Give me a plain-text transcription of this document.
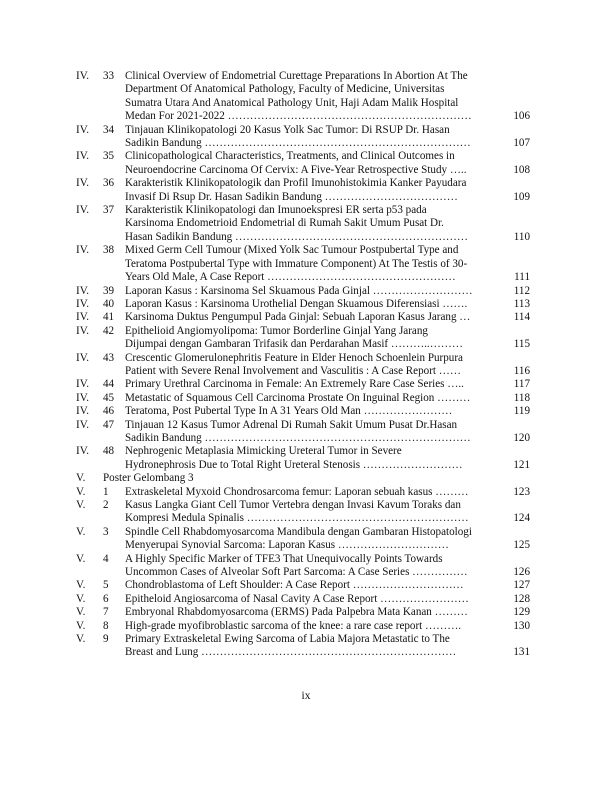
IV.	33 Clinical Overview of Endometrial Curettage Preparations In Abortion At The
Department Of Anatomical Pathology, Faculty of Medicine, Universitas
Sumatra Utara And Anatomical Pathology Unit, Haji Adam Malik Hospital
Medan For 2021-2022 …………………………………………………………	106
IV.	34 Tinjauan Klinikopatologi 20 Kasus Yolk Sac Tumor: Di RSUP Dr. Hasan
Sadikin Bandung ………………………………………………………………	107
IV.	35 Clinicopathological Characteristics, Treatments, and Clinical Outcomes in
Neuroendocrine Carcinoma Of Cervix: A Five-Year Retrospective Study …..	108
IV.	36 Karakteristik Klinikopatologik dan Profil Imunohistokimia Kanker Payudara
Invasif Di Rsup Dr. Hasan Sadikin Bandung ………………………………	109
IV.	37 Karakteristik Klinikopatologi dan Imunoekspresi ER serta p53 pada
Karsinoma Endometrioid Endometrial di Rumah Sakit Umum Pusat Dr.
Hasan Sadikin Bandung ………………………………………………………	110
IV.	38 Mixed Germ Cell Tumour (Mixed Yolk Sac Tumour Postpubertal Type and
Teratoma Postpubertal Type with Immature Component) At The Testis of 30-
Years Old Male, A Case Report ……………………………………………	111
IV.	39 Laporan Kasus : Karsinoma Sel Skuamous Pada Ginjal ………………………	112
IV.	40 Laporan Kasus : Karsinoma Urothelial Dengan Skuamous Diferensiasi …….	113
IV.	41 Karsinoma Duktus Pengumpul Pada Ginjal: Sebuah Laporan Kasus Jarang …	114
IV.	42 Epithelioid Angiomyolipoma: Tumor Borderline Ginjal Yang Jarang
Dijumpai dengan Gambaran Trifasik dan Perdarahan Masif ………..………	115
IV.	43 Crescentic Glomerulonephritis Feature in Elder Henoch Schoenlein Purpura
Patient with Severe Renal Involvement and Vasculitis : A Case Report ……	116
IV.	44 Primary Urethral Carcinoma in Female: An Extremely Rare Case Series …..	117
IV.	45 Metastatic of Squamous Cell Carcinoma Prostate On Inguinal Region ………	118
IV.	46 Teratoma, Post Pubertal Type In A 31 Years Old Man ……………………	119
IV.	47 Tinjauan 12 Kasus Tumor Adrenal Di Rumah Sakit Umum Pusat Dr.Hasan
Sadikin Bandung ………………………………………………………………	120
IV.	48 Nephrogenic Metaplasia Mimicking Ureteral Tumor in Severe
Hydronephrosis Due to Total Right Ureteral Stenosis ………………………	121
V.	Poster Gelombang 3
V.	1	Extraskeletal Myxoid Chondrosarcoma femur: Laporan sebuah kasus ………	123
V.	2	Kasus Langka Giant Cell Tumor Vertebra dengan Invasi Kavum Toraks dan
Kompresi Medula Spinalis ……………………………………………………	124
V.	3	Spindle Cell Rhabdomyosarcoma Mandibula dengan Gambaran Histopatologi
Menyerupai Synovial Sarcoma: Laporan Kasus …………………………	125
V.	4	A Highly Specific Marker of TFE3 That Unequivocally Points Towards
Uncommon Cases of Alveolar Soft Part Sarcoma: A Case Series ……………	126
V.	5	Chondroblastoma of Left Shoulder: A Case Report …………………………	127
V.	6	Epitheloid Angiosarcoma of Nasal Cavity A Case Report ……………………	128
V.	7	Embryonal Rhabdomyosarcoma (ERMS) Pada Palpebra Mata Kanan ………	129
V.	8	High-grade myofibroblastic sarcoma of the knee: a rare case report ……….	130
V.	9	Primary Extraskeletal Ewing Sarcoma of Labia Majora Metastatic to The
Breast and Lung ……………………………………………………………	131
ix
